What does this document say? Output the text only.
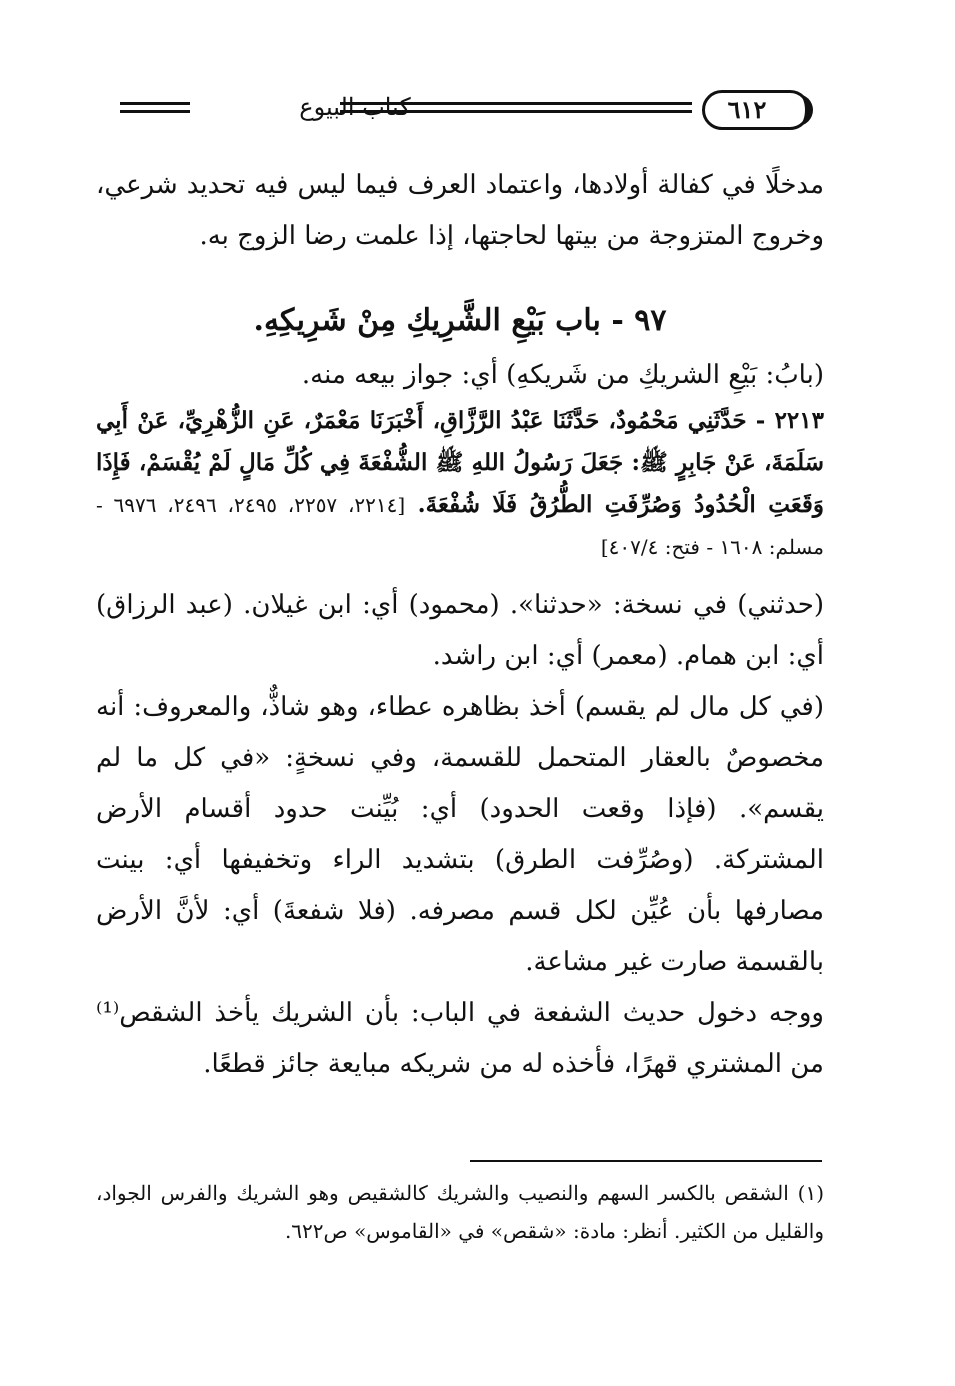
كتاب البيوع	٦١٢

مدخلًا في كفالة أولادها، واعتماد العرف فيما ليس فيه تحديد شرعي، وخروج المتزوجة من بيتها لحاجتها، إذا علمت رضا الزوج به.

٩٧ - باب بَيْعِ الشَّرِيكِ مِنْ شَرِيكِهِ.

(بابُ: بَيْعِ الشريكِ من شَريكهِ) أي: جواز بيعه منه.

٢٢١٣ - حَدَّثَنِي مَحْمُودٌ، حَدَّثَنَا عَبْدُ الرَّزَّاقِ، أَخْبَرَنَا مَعْمَرٌ، عَنِ الزُّهْرِيِّ، عَنْ أَبِي سَلَمَةَ، عَنْ جَابِرٍ ﷺ: جَعَلَ رَسُولُ اللهِ ﷺ الشُّفْعَةَ فِي كُلِّ مَالٍ لَمْ يُقْسَمْ، فَإِذَا وَقَعَتِ الْحُدُودُ وَصُرِّفَتِ الطُّرُقُ فَلَا شُفْعَةَ. [٢٢١٤، ٢٢٥٧، ٢٤٩٥، ٢٤٩٦، ٦٩٧٦ - مسلم: ١٦٠٨ - فتح: ٤٠٧/٤]

(حدثني) في نسخة: «حدثنا». (محمود) أي: ابن غيلان. (عبد الرزاق) أي: ابن همام. (معمر) أي: ابن راشد.

(في كل مال لم يقسم) أخذ بظاهره عطاء، وهو شاذٌّ، والمعروف: أنه مخصوصٌ بالعقار المتحمل للقسمة، وفي نسخةٍ: «في كل ما لم يقسم». (فإذا وقعت الحدود) أي: بُيِّنت حدود أقسام الأرض المشتركة. (وصُرِّفت الطرق) بتشديد الراء وتخفيفها أي: بينت مصارفها بأن عُيِّن لكل قسم مصرفه. (فلا شفعةَ) أي: لأنَّ الأرض بالقسمة صارت غير مشاعة.

ووجه دخول حديث الشفعة في الباب: بأن الشريك يأخذ الشقص⁽¹⁾ من المشتري قهرًا، فأخذه له من شريكه مبايعة جائز قطعًا.

(١) الشقص بالكسر السهم والنصيب والشريك كالشقيص وهو الشريك والفرس الجواد، والقليل من الكثير. أنظر: مادة: «شقص» في «القاموس» ص٦٢٢.
